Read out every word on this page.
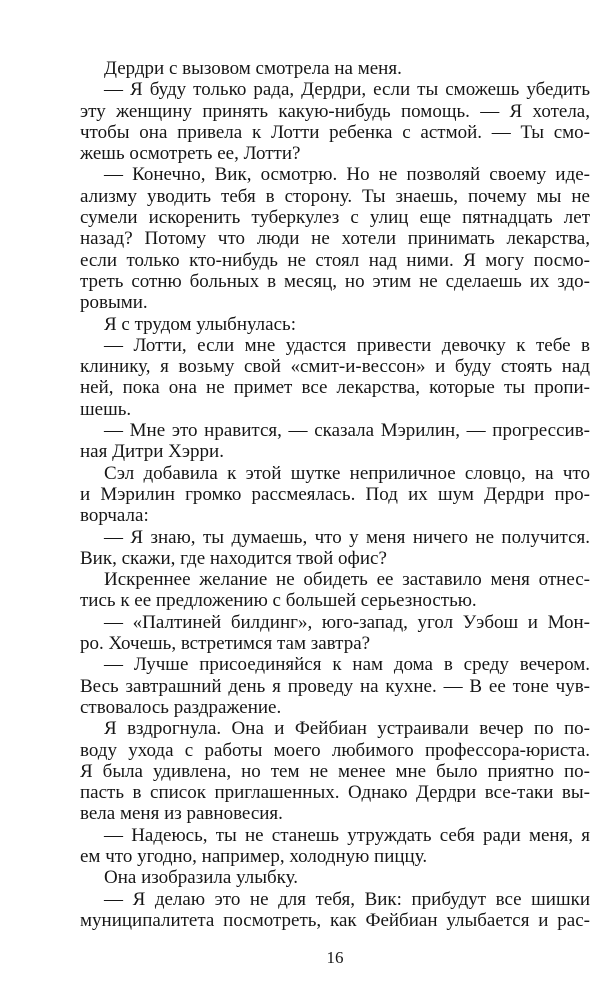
Дердри с вызовом смотрела на меня.

— Я буду только рада, Дердри, если ты сможешь убедить
эту женщину принять какую-нибудь помощь. — Я хотела,
чтобы она привела к Лотти ребенка с астмой. — Ты смо-
жешь осмотреть ее, Лотти?

— Конечно, Вик, осмотрю. Но не позволяй своему иде-
ализму уводить тебя в сторону. Ты знаешь, почему мы не
сумели искоренить туберкулез с улиц еще пятнадцать лет
назад? Потому что люди не хотели принимать лекарства,
если только кто-нибудь не стоял над ними. Я могу посмо-
треть сотню больных в месяц, но этим не сделаешь их здо-
ровыми.

Я с трудом улыбнулась:

— Лотти, если мне удастся привести девочку к тебе в
клинику, я возьму свой «смит-и-вессон» и буду стоять над
ней, пока она не примет все лекарства, которые ты пропи-
шешь.

— Мне это нравится, — сказала Мэрилин, — прогрессив-
ная Дитри Хэрри.

Сэл добавила к этой шутке неприличное словцо, на что
и Мэрилин громко рассмеялась. Под их шум Дердри про-
ворчала:

— Я знаю, ты думаешь, что у меня ничего не получится.
Вик, скажи, где находится твой офис?

Искреннее желание не обидеть ее заставило меня отнес-
тись к ее предложению с большей серьезностью.

— «Палтиней билдинг», юго-запад, угол Уэбош и Мон-
ро. Хочешь, встретимся там завтра?

— Лучше присоединяйся к нам дома в среду вечером.
Весь завтрашний день я проведу на кухне. — В ее тоне чув-
ствовалось раздражение.

Я вздрогнула. Она и Фейбиан устраивали вечер по по-
воду ухода с работы моего любимого профессора-юриста.
Я была удивлена, но тем не менее мне было приятно по-
пасть в список приглашенных. Однако Дердри все-таки вы-
вела меня из равновесия.

— Надеюсь, ты не станешь утруждать себя ради меня, я
ем что угодно, например, холодную пиццу.

Она изобразила улыбку.

— Я делаю это не для тебя, Вик: прибудут все шишки
муниципалитета посмотреть, как Фейбиан улыбается и рас-

16
